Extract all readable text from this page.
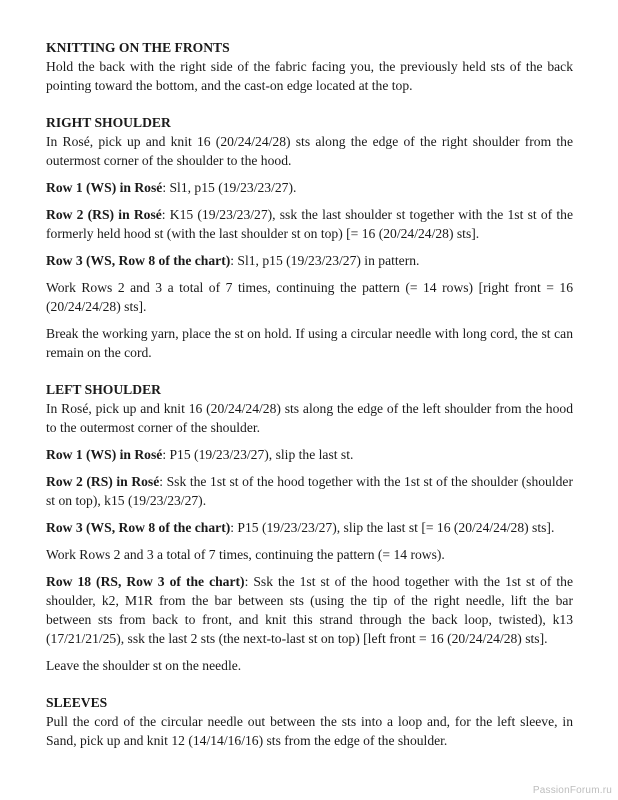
KNITTING ON THE FRONTS

Hold the back with the right side of the fabric facing you, the previously held sts of the back pointing toward the bottom, and the cast-on edge located at the top.

RIGHT SHOULDER

In Rosé, pick up and knit 16 (20/24/24/28) sts along the edge of the right shoulder from the outermost corner of the shoulder to the hood.

Row 1 (WS) in Rosé: Sl1, p15 (19/23/23/27).

Row 2 (RS) in Rosé: K15 (19/23/23/27), ssk the last shoulder st together with the 1st st of the formerly held hood st (with the last shoulder st on top) [= 16 (20/24/24/28) sts].

Row 3 (WS, Row 8 of the chart): Sl1, p15 (19/23/23/27) in pattern.

Work Rows 2 and 3 a total of 7 times, continuing the pattern (= 14 rows) [right front = 16 (20/24/24/28) sts].

Break the working yarn, place the st on hold. If using a circular needle with long cord, the st can remain on the cord.

LEFT SHOULDER

In Rosé, pick up and knit 16 (20/24/24/28) sts along the edge of the left shoulder from the hood to the outermost corner of the shoulder.

Row 1 (WS) in Rosé: P15 (19/23/23/27), slip the last st.

Row 2 (RS) in Rosé: Ssk the 1st st of the hood together with the 1st st of the shoulder (shoulder st on top), k15 (19/23/23/27).

Row 3 (WS, Row 8 of the chart): P15 (19/23/23/27), slip the last st [= 16 (20/24/24/28) sts].

Work Rows 2 and 3 a total of 7 times, continuing the pattern (= 14 rows).

Row 18 (RS, Row 3 of the chart): Ssk the 1st st of the hood together with the 1st st of the shoulder, k2, M1R from the bar between sts (using the tip of the right needle, lift the bar between sts from back to front, and knit this strand through the back loop, twisted), k13 (17/21/21/25), ssk the last 2 sts (the next-to-last st on top) [left front = 16 (20/24/24/28) sts].

Leave the shoulder st on the needle.

SLEEVES

Pull the cord of the circular needle out between the sts into a loop and, for the left sleeve, in Sand, pick up and knit 12 (14/14/16/16) sts from the edge of the shoulder.

PassionForum.ru
